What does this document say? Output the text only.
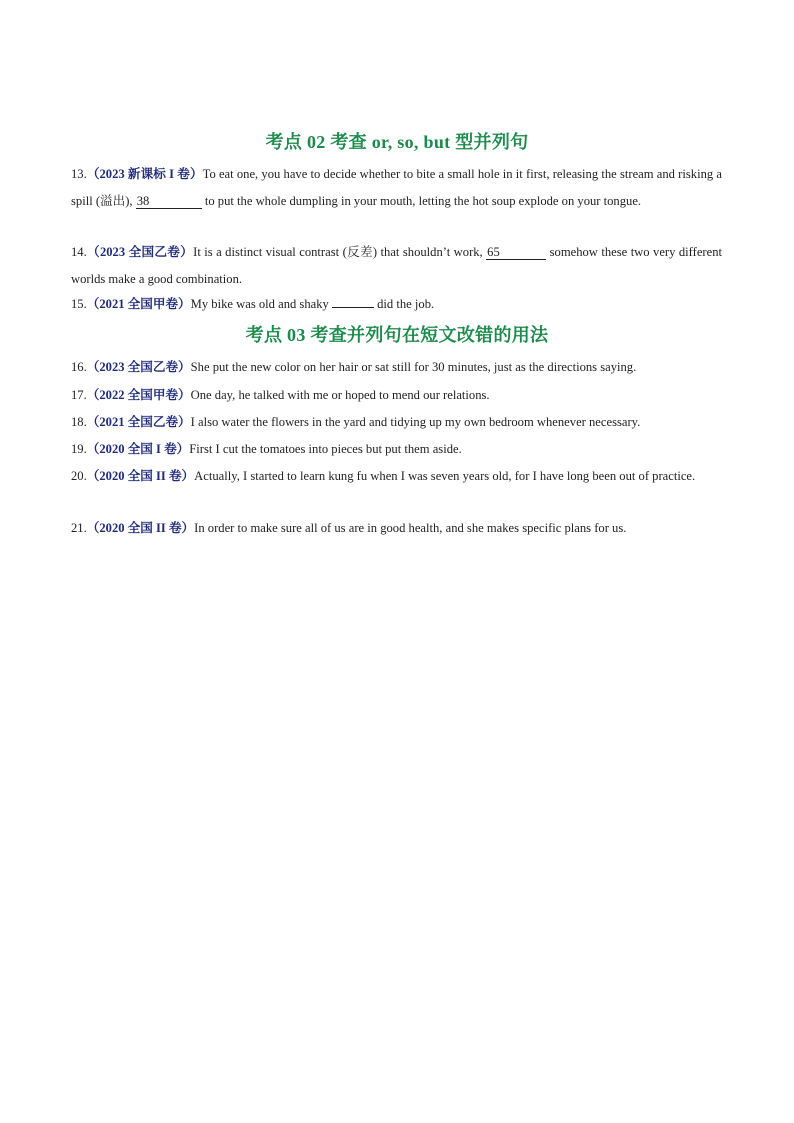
考点 02 考查 or, so, but 型并列句
13.（2023 新课标 I 卷）To eat one, you have to decide whether to bite a small hole in it first, releasing the stream and risking a spill (溢出), 38	to put the whole dumpling in your mouth, letting the hot soup explode on your tongue.
14.（2023 全国乙卷）It is a distinct visual contrast (反差) that shouldn’t work, 65	somehow these two very different worlds make a good combination.
15.（2021 全国甲卷）My bike was old and shaky	did the job.
考点 03 考查并列句在短文改错的用法
16.（2023 全国乙卷）She put the new color on her hair or sat still for 30 minutes, just as the directions saying.
17.（2022 全国甲卷）One day, he talked with me or hoped to mend our relations.
18.（2021 全国乙卷）I also water the flowers in the yard and tidying up my own bedroom whenever necessary.
19.（2020 全国 I 卷）First I cut the tomatoes into pieces but put them aside.
20.（2020 全国 II 卷）Actually, I started to learn kung fu when I was seven years old, for I have long been out of practice.
21.（2020 全国 II 卷）In order to make sure all of us are in good health, and she makes specific plans for us.
